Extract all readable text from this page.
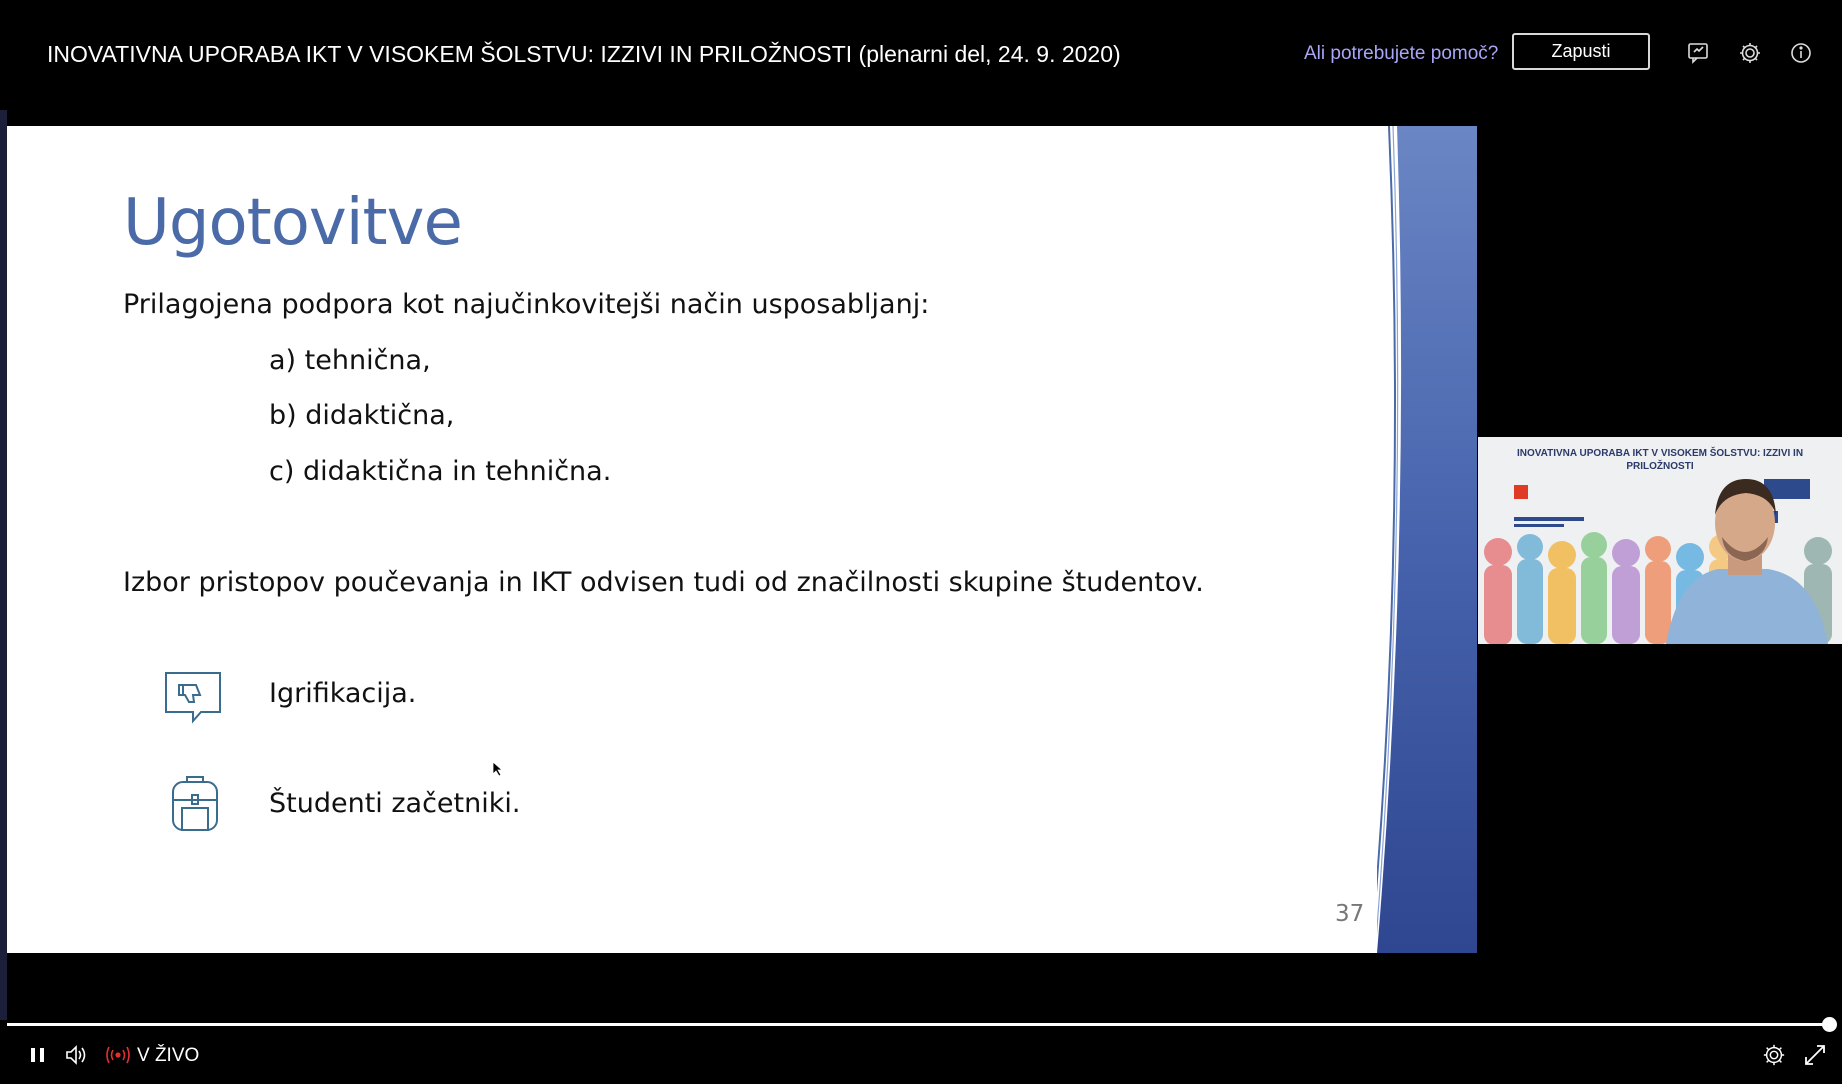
INOVATIVNA UPORABA IKT V VISOKEM ŠOLSTVU: IZZIVI IN PRILOŽNOSTI (plenarni del, 24. 9. 2020)	Ali potrebujete pomoč?	Zapusti
Ugotovitve
Prilagojena podpora kot najučinkovitejši način usposabljanj:
a) tehnična,
b) didaktična,
c) didaktična in tehnična.
Izbor pristopov poučevanja in IKT odvisen tudi od značilnosti skupine študentov.
Igrifikacija.
Študenti začetniki.
37
INOVATIVNA UPORABA IKT V VISOKEM ŠOLSTVU: IZZIVI IN PRILOŽNOSTI
V ŽIVO
